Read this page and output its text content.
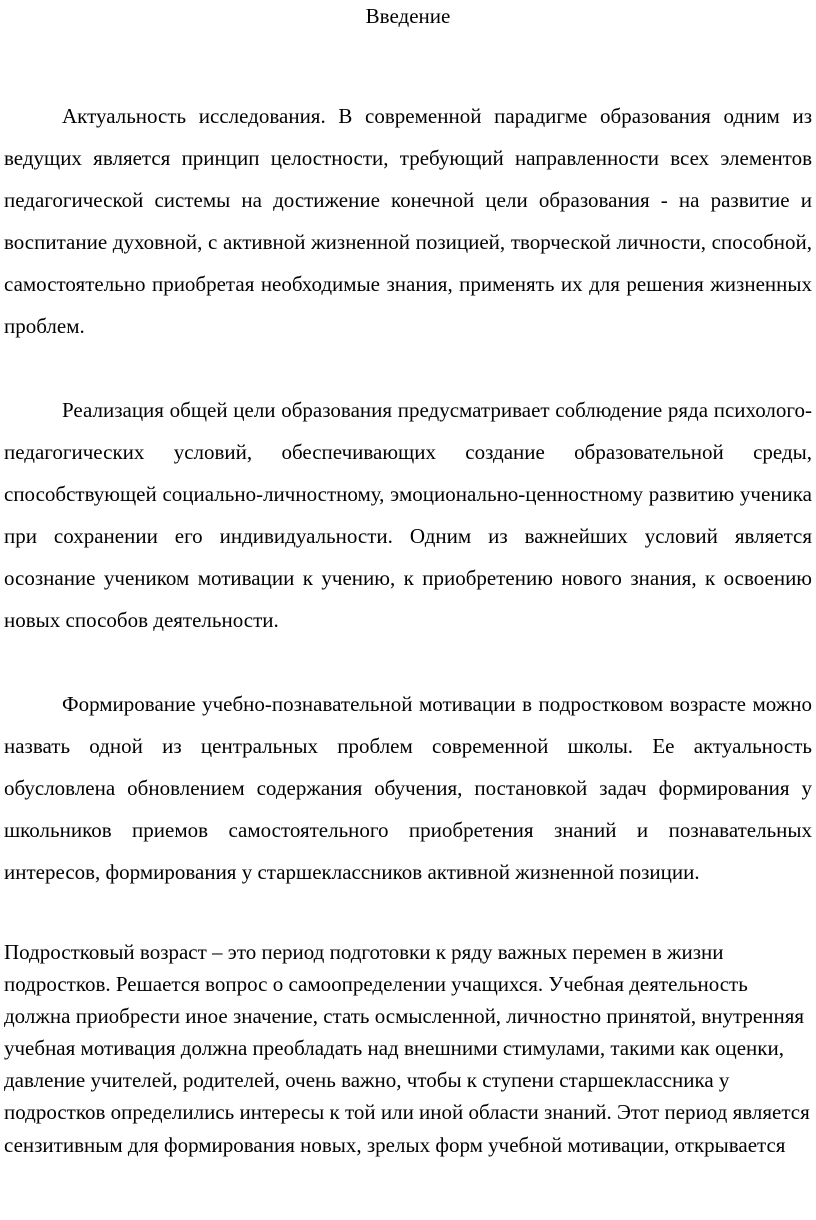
Введение

Актуальность исследования. В современной парадигме образования одним из ведущих является принцип целостности, требующий направленности всех элементов педагогической системы на достижение конечной цели образования - на развитие и воспитание духовной, с активной жизненной позицией, творческой личности, способной, самостоятельно приобретая необходимые знания, применять их для решения жизненных проблем.

Реализация общей цели образования предусматривает соблюдение ряда психолого-педагогических условий, обеспечивающих создание образовательной среды, способствующей социально-личностному, эмоционально-ценностному развитию ученика при сохранении его индивидуальности. Одним из важнейших условий является осознание учеником мотивации к учению, к приобретению нового знания, к освоению новых способов деятельности.

Формирование учебно-познавательной мотивации в подростковом возрасте можно назвать одной из центральных проблем современной школы. Ее актуальность обусловлена обновлением содержания обучения, постановкой задач формирования у школьников приемов самостоятельного приобретения знаний и познавательных интересов, формирования у старшеклассников активной жизненной позиции.

Подростковый возраст – это период подготовки к ряду важных перемен в жизни подростков. Решается вопрос о самоопределении учащихся. Учебная деятельность должна приобрести иное значение, стать осмысленной, личностно принятой, внутренняя учебная мотивация должна преобладать над внешними стимулами, такими как оценки, давление учителей, родителей, очень важно, чтобы к ступени старшеклассника у подростков определились интересы к той или иной области знаний. Этот период является сензитивным для формирования новых, зрелых форм учебной мотивации, открывается
